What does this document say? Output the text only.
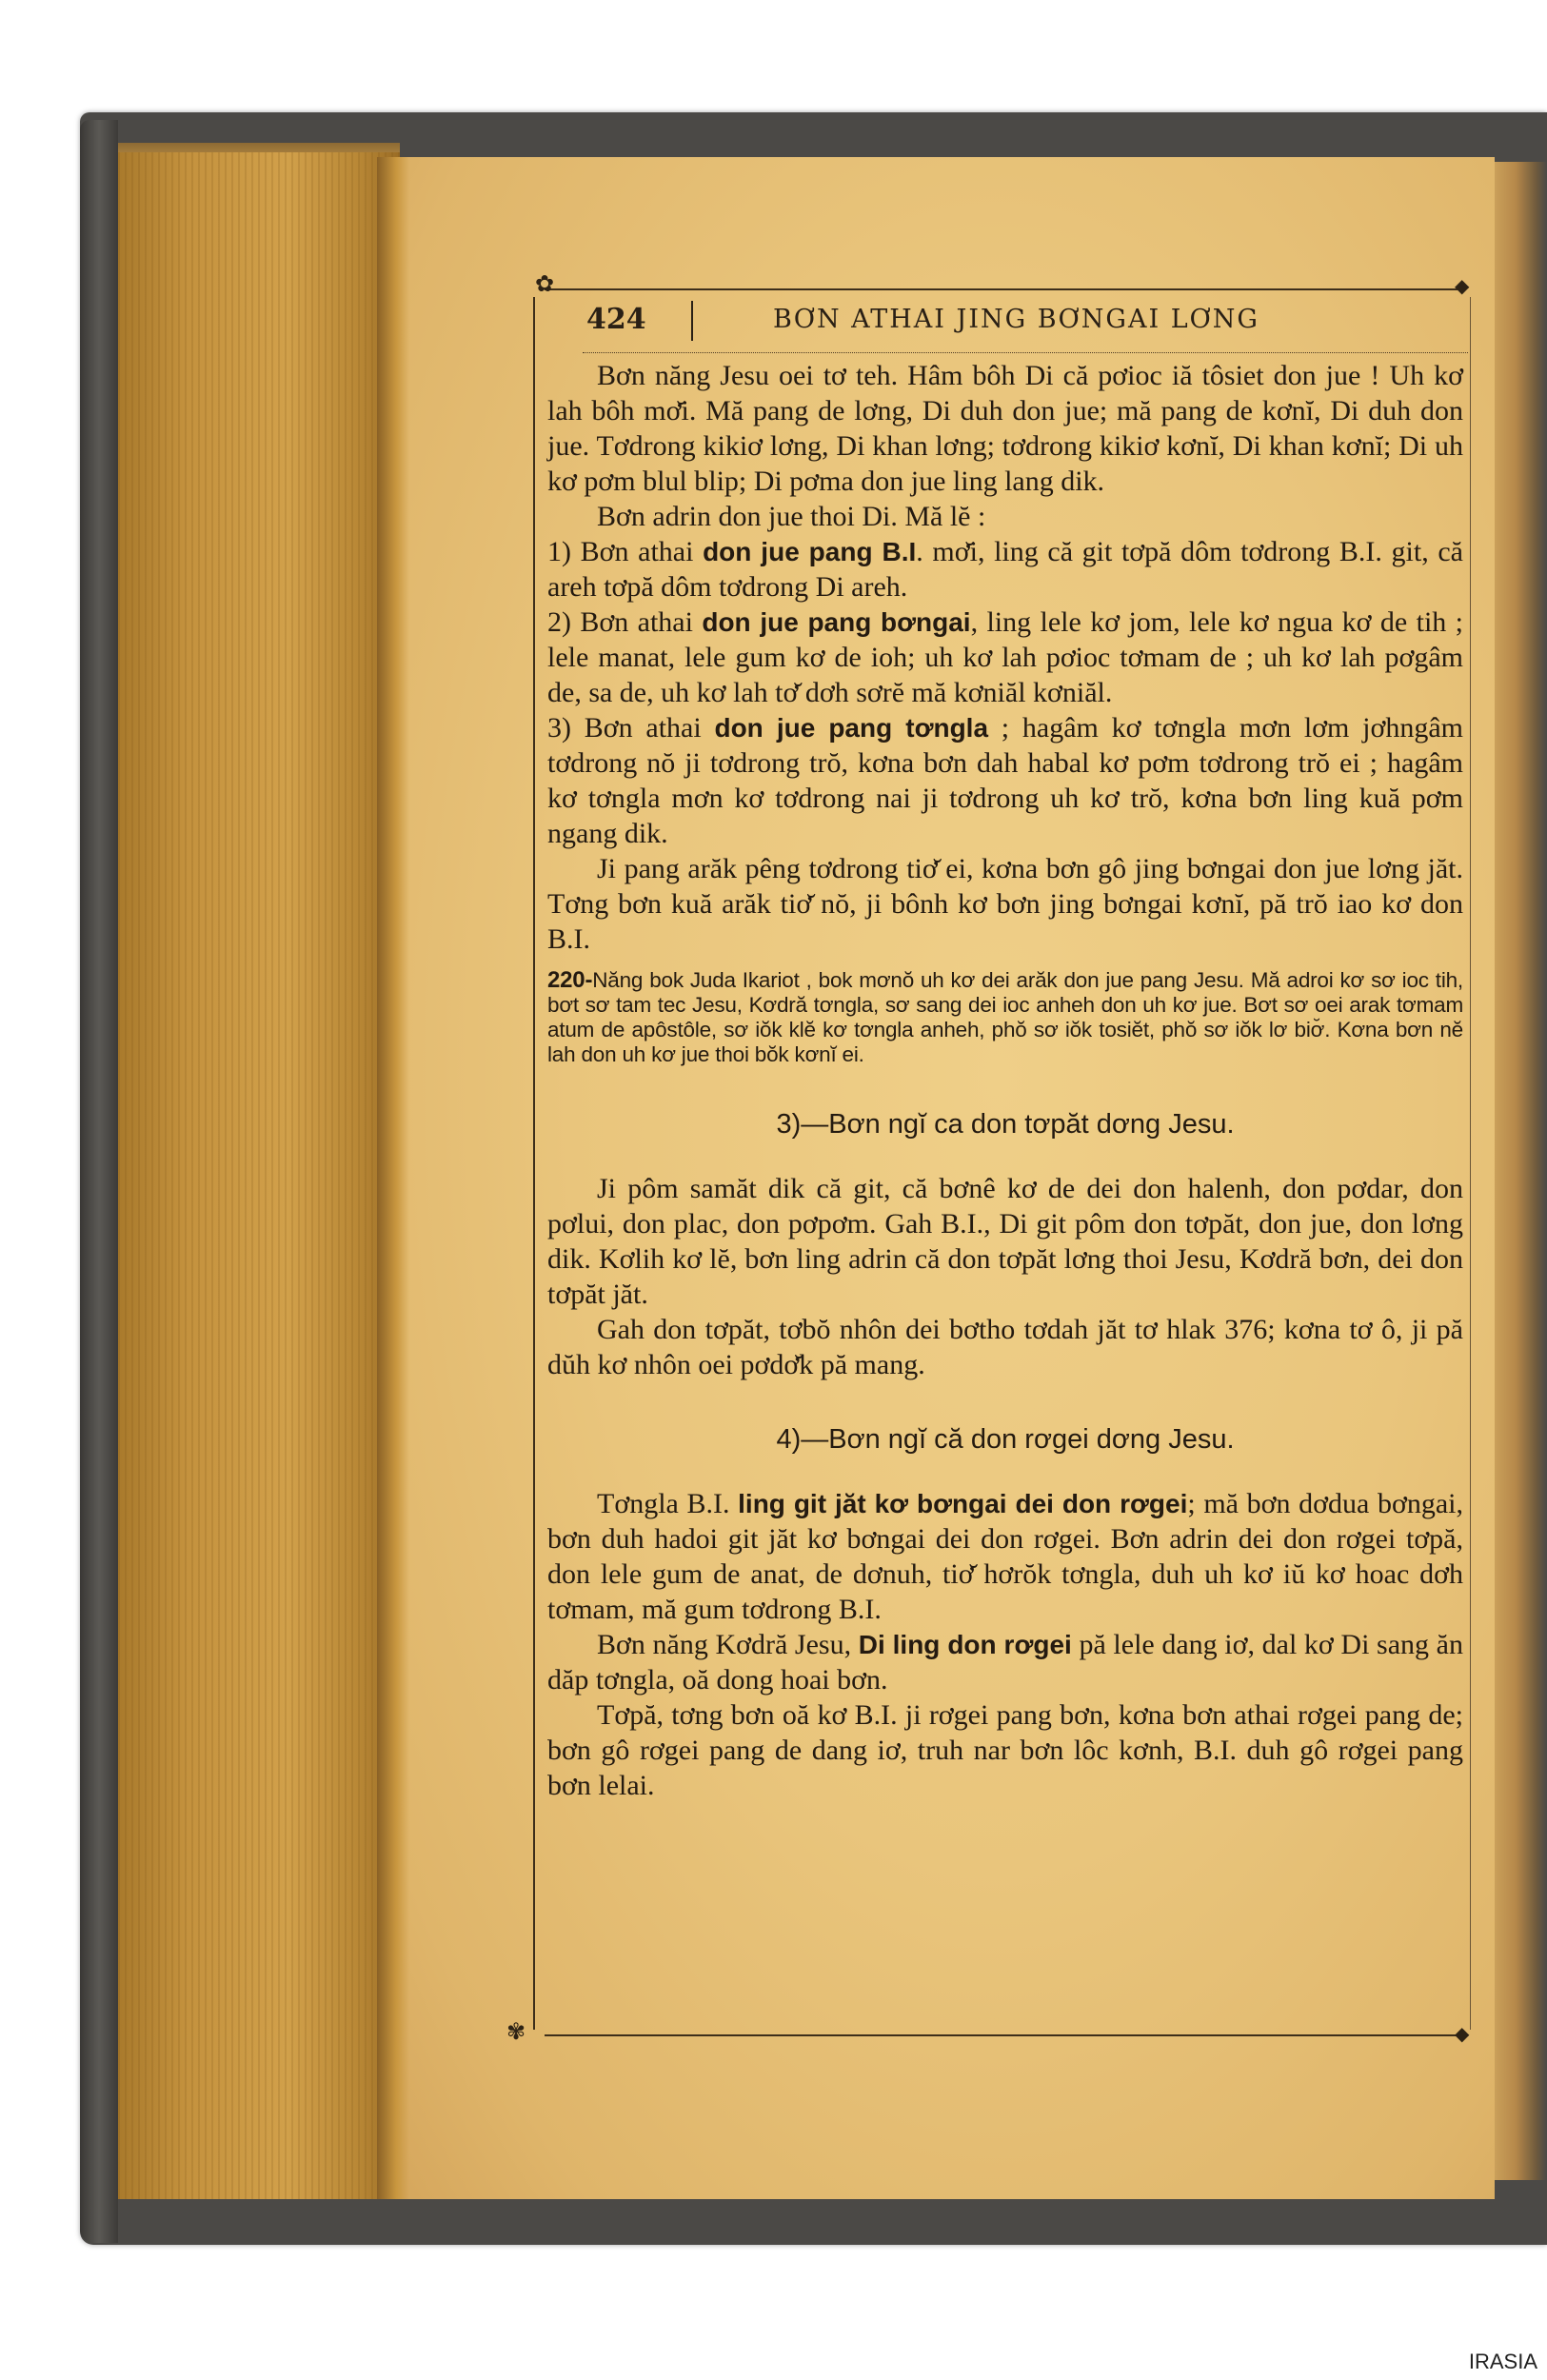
✿	◆
✾	◆
424	BƠN ATHAI JING BƠNGAI LƠNG

Bơn năng Jesu oei tơ teh. Hâm bôh Di că pơioc iă tôsiet don jue ! Uh kơ lah bôh mơ̆i. Mă pang de lơng, Di duh don jue; mă pang de kơnĭ, Di duh don jue. Tơdrong kikiơ lơng, Di khan lơng; tơdrong kikiơ kơnĭ, Di khan kơnĭ; Di uh kơ pơm blul blip; Di pơma don jue ling lang dik.

Bơn adrin don jue thoi Di. Mă lĕ :

1) Bơn athai don jue pang B.I. mơ̆i, ling că git tơpă dôm tơdrong B.I. git, că areh tơpă dôm tơdrong Di areh.

2) Bơn athai don jue pang bơngai, ling lele kơ jom, lele kơ ngua kơ de tih ; lele manat, lele gum kơ de ioh; uh kơ lah pơioc tơmam de ; uh kơ lah pơgâm de, sa de, uh kơ lah tơ̆ dơh sơrĕ mă kơniăl kơniăl.

3) Bơn athai don jue pang tơngla ; hagâm kơ tơngla mơn lơm jơhngâm tơdrong nŏ ji tơdrong trŏ, kơna bơn dah habal kơ pơm tơdrong trŏ ei ; hagâm kơ tơngla mơn kơ tơdrong nai ji tơdrong uh kơ trŏ, kơna bơn ling kuă pơm ngang dik.

Ji pang arăk pêng tơdrong tiơ̆ ei, kơna bơn gô jing bơngai don jue lơng jăt. Tơng bơn kuă arăk tiơ̆ nŏ, ji bônh kơ bơn jing bơngai kơnĭ, pă trŏ iao kơ don B.I.

220-Năng bok Juda Ikariot , bok mơnŏ uh kơ dei arăk don jue pang Jesu. Mă adroi kơ sơ ioc tih, bơt sơ tam tec Jesu, Kơdră tơngla, sơ sang dei ioc anheh don uh kơ jue. Bơt sơ oei arak tơmam atum de apôstôle, sơ iŏk klĕ kơ tơngla anheh, phŏ sơ iŏk tosiĕt, phŏ sơ iŏk lơ biơ̆. Kơna bơn nĕ lah don uh kơ jue thoi bŏk kơnĭ ei.

3)—Bơn ngĭ ca don tơpăt dơng Jesu.

Ji pôm samăt dik că git, că bơnê kơ de dei don halenh, don pơdar, don pơlui, don plac, don pơpơm. Gah B.I., Di git pôm don tơpăt, don jue, don lơng dik. Kơlih kơ lĕ, bơn ling adrin că don tơpăt lơng thoi Jesu, Kơdră bơn, dei don tơpăt jăt.

Gah don tơpăt, tơbŏ nhôn dei bơtho tơdah jăt tơ hlak 376; kơna tơ ô, ji pă dŭh kơ nhôn oei pơdơ̆k pă mang.

4)—Bơn ngĭ că don rơgei dơng Jesu.

Tơngla B.I. ling git jăt kơ bơngai dei don rơgei; mă bơn dơdua bơngai, bơn duh hadoi git jăt kơ bơngai dei don rơgei. Bơn adrin dei don rơgei tơpă, don lele gum de anat, de dơnuh, tiơ̆ hơrŏk tơngla, duh uh kơ iŭ kơ hoac dơh tơmam, mă gum tơdrong B.I.

Bơn năng Kơdră Jesu, Di ling don rơgei pă lele dang iơ, dal kơ Di sang ăn dăp tơngla, oă dong hoai bơn.

Tơpă, tơng bơn oă kơ B.I. ji rơgei pang bơn, kơna bơn athai rơgei pang de; bơn gô rơgei pang de dang iơ, truh nar bơn lôc kơnh, B.I. duh gô rơgei pang bơn lelai.

IRASIA
